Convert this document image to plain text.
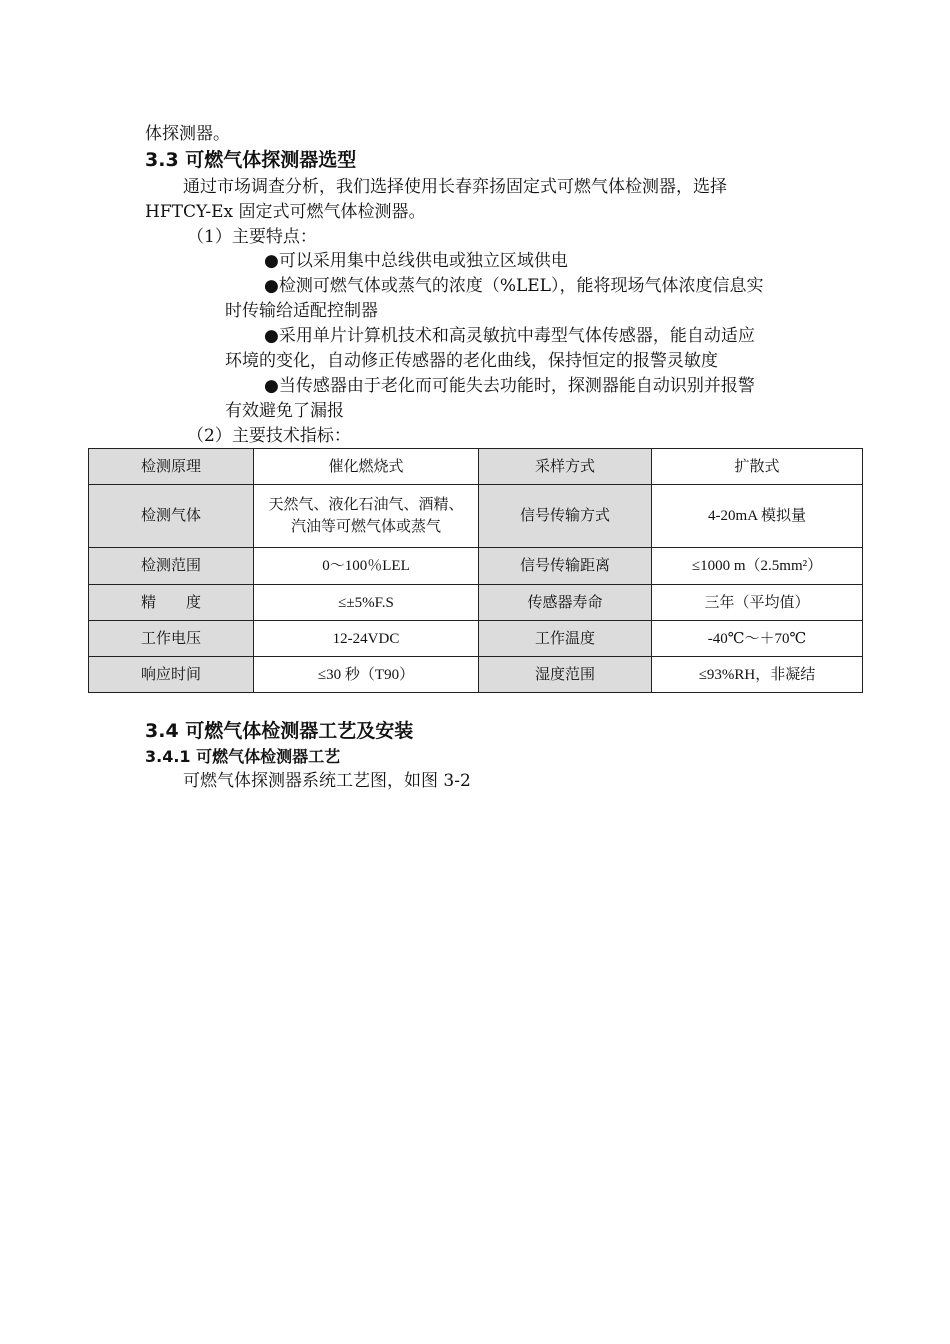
体探测器。
3.3 可燃气体探测器选型
通过市场调查分析，我们选择使用长春弈扬固定式可燃气体检测器，选择
HFTCY-Ex 固定式可燃气体检测器。
（1）主要特点：
●可以采用集中总线供电或独立区域供电
●检测可燃气体或蒸气的浓度（%LEL），能将现场气体浓度信息实
时传输给适配控制器
●采用单片计算机技术和高灵敏抗中毒型气体传感器，能自动适应
环境的变化，自动修正传感器的老化曲线，保持恒定的报警灵敏度
●当传感器由于老化而可能失去功能时，探测器能自动识别并报警
有效避免了漏报
（2）主要技术指标：
检测原理	催化燃烧式	采样方式	扩散式
检测气体	天然气、液化石油气、酒精、
汽油等可燃气体或蒸气	信号传输方式	4-20mA 模拟量
检测范围	0～100％LEL	信号传输距离	≤1000 m（2.5mm²）
精　　度	≤±5%F.S	传感器寿命	三年（平均值）
工作电压	12-24VDC	工作温度	-40℃～＋70℃
响应时间	≤30 秒（T90）	湿度范围	≤93%RH，非凝结
3.4 可燃气体检测器工艺及安装
3.4.1 可燃气体检测器工艺
可燃气体探测器系统工艺图，如图 3-2
